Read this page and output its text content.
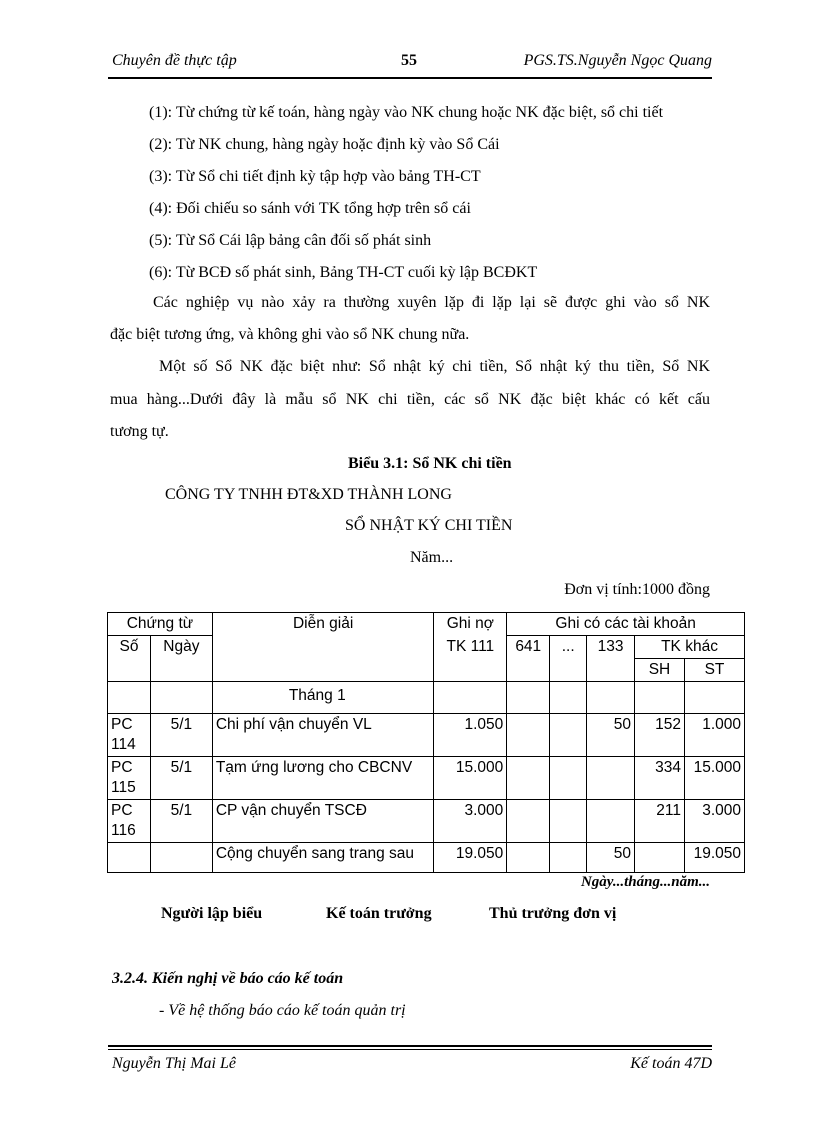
Chuyên đề thực tập	55	PGS.TS.Nguyễn Ngọc Quang
(1): Từ chứng từ kế toán, hàng ngày vào NK chung hoặc NK đặc biệt, sổ chi tiết
(2): Từ NK chung, hàng ngày hoặc định kỳ vào Sổ Cái
(3): Từ Sổ chi tiết định kỳ tập hợp vào bảng TH-CT
(4): Đối chiếu so sánh với TK tổng hợp trên sổ cái
(5): Từ Sổ Cái lập bảng cân đối số phát sinh
(6): Từ BCĐ số phát sinh, Bảng TH-CT cuối kỳ lập BCĐKT
Các nghiệp vụ nào xảy ra thường xuyên lặp đi lặp lại sẽ được ghi vào sổ NK
đặc biệt tương ứng, và không ghi vào sổ NK chung nữa.
Một số Sổ NK đặc biệt như: Sổ nhật ký chi tiền, Sổ nhật ký thu tiền, Sổ NK
mua hàng...Dưới đây là mẫu sổ NK chi tiền, các sổ NK đặc biệt khác có kết cấu
tương tự.
Biểu 3.1: Sổ NK chi tiền
CÔNG TY TNHH ĐT&XD THÀNH LONG
SỔ NHẬT KÝ CHI TIỀN
Năm...
Đơn vị tính:1000 đồng
Chứng từ		Diễn giải	Ghi nợ	Ghi có các tài khoản				
Số	Ngày		TK 111	641	...	133	TK khác	
							SH	ST
		Tháng 1						
PC 114	5/1	Chi phí vận chuyển VL	1.050			50	152	1.000
PC 115	5/1	Tạm ứng lương cho CBCNV	15.000				334	15.000
PC 116	5/1	CP vận chuyển TSCĐ	3.000				211	3.000
		Cộng chuyển sang trang sau	19.050			50		19.050
Ngày...tháng...năm...
Người lập biểu	Kế toán trưởng	Thủ trưởng đơn vị
3.2.4. Kiến nghị về báo cáo kế toán
- Về hệ thống báo cáo kế toán quản trị
Nguyễn Thị Mai Lê	Kế toán 47D
